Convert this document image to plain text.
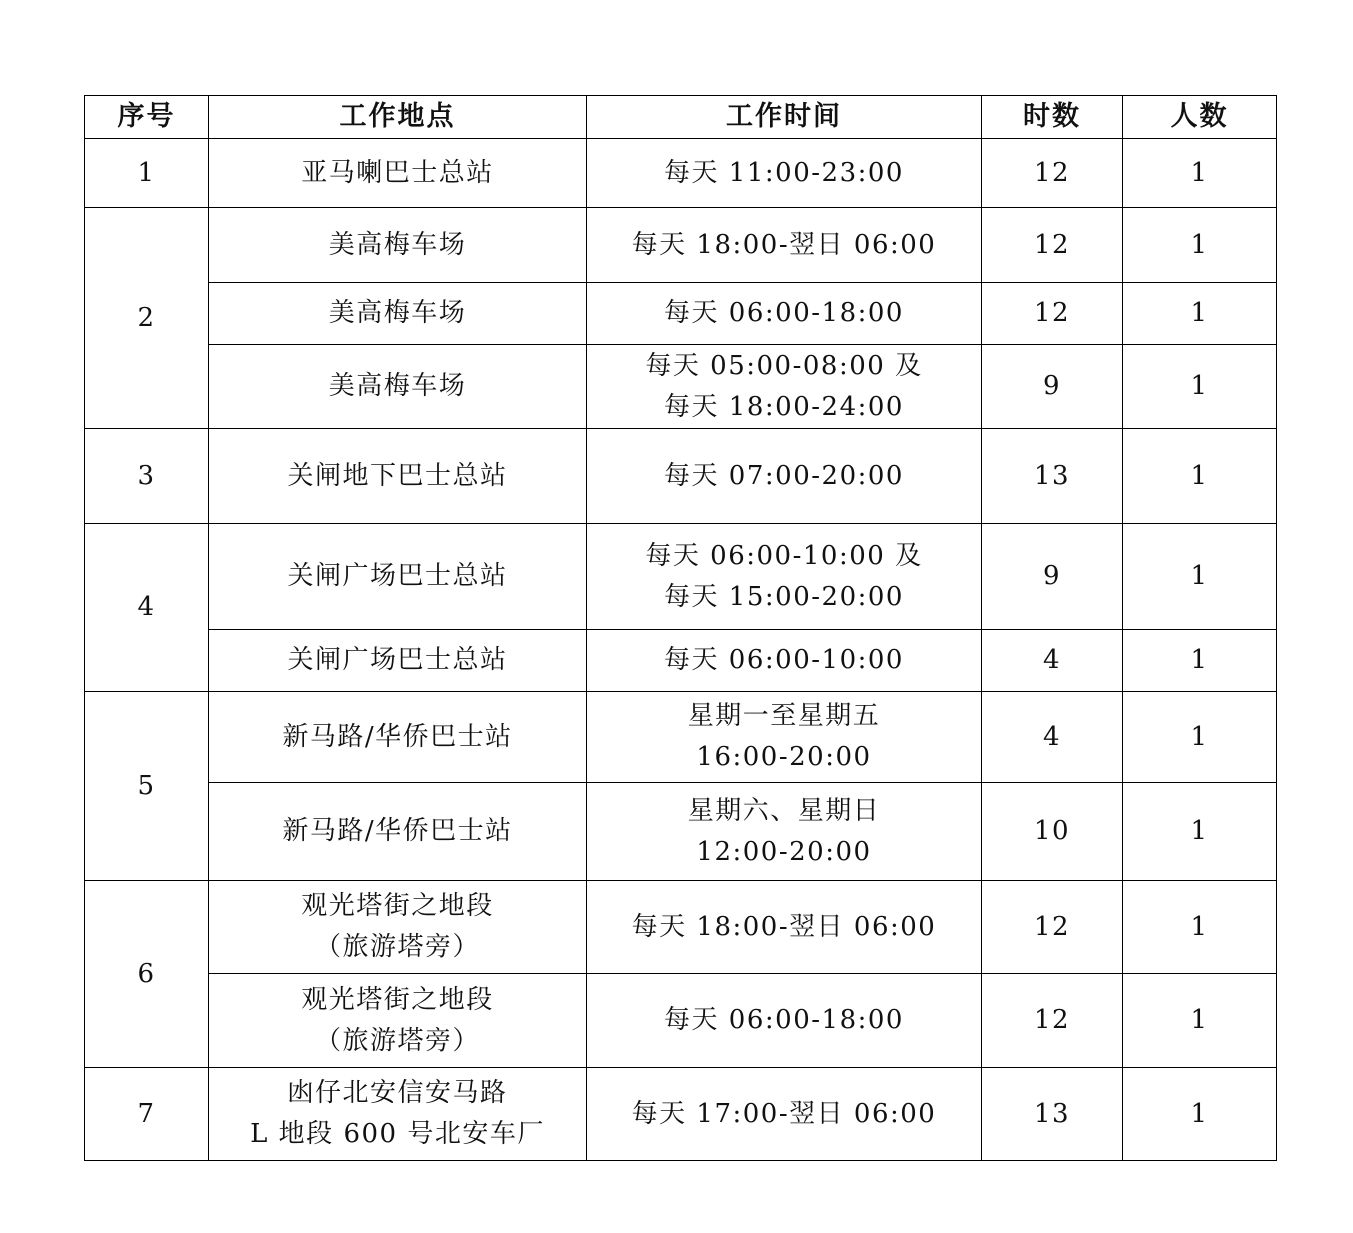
序号	工作地点	工作时间	时数	人数
1	亚马喇巴士总站	每天 11:00-23:00	12	1
2	美高梅车场	每天 18:00-翌日 06:00	12	1

	美高梅车场	每天 06:00-18:00	12	1

	美高梅车场	每天 05:00-08:00 及
每天 18:00-24:00	9	1
3	关闸地下巴士总站	每天 07:00-20:00	13	1
4	关闸广场巴士总站	每天 06:00-10:00 及
每天 15:00-20:00	9	1

	关闸广场巴士总站	每天 06:00-10:00	4	1
5	新马路/华侨巴士站	星期一至星期五
16:00-20:00	4	1

	新马路/华侨巴士站	星期六、星期日
12:00-20:00	10	1
6	观光塔街之地段
（旅游塔旁）	每天 18:00-翌日 06:00	12	1

	观光塔街之地段
（旅游塔旁）	每天 06:00-18:00	12	1
7	凼仔北安信安马路
L 地段 600 号北安车厂	每天 17:00-翌日 06:00	13	1
